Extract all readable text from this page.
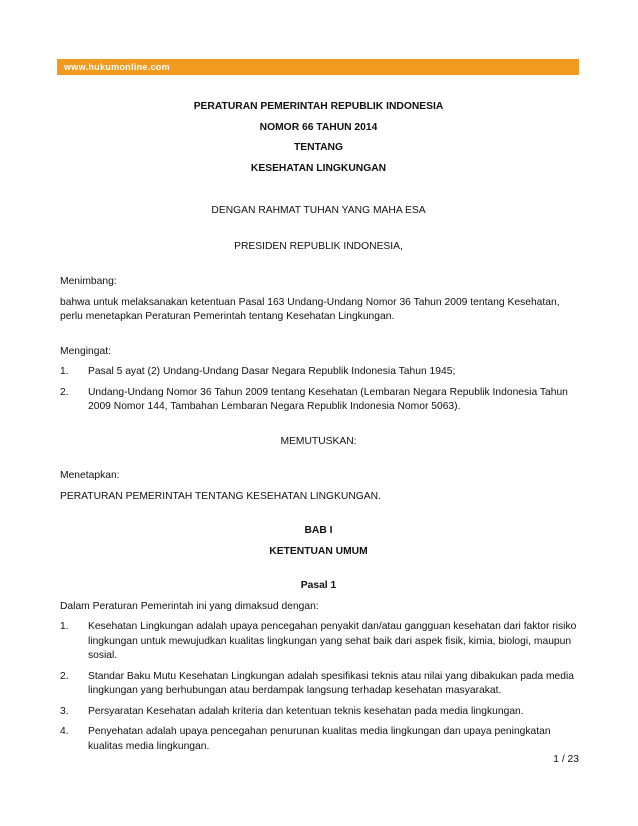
www.hukumonline.com
PERATURAN PEMERINTAH REPUBLIK INDONESIA
NOMOR 66 TAHUN 2014
TENTANG
KESEHATAN LINGKUNGAN
DENGAN RAHMAT TUHAN YANG MAHA ESA
PRESIDEN REPUBLIK INDONESIA,
Menimbang:
bahwa untuk melaksanakan ketentuan Pasal 163 Undang-Undang Nomor 36 Tahun 2009 tentang Kesehatan, perlu menetapkan Peraturan Pemerintah tentang Kesehatan Lingkungan.
Mengingat:
1.	Pasal 5 ayat (2) Undang-Undang Dasar Negara Republik Indonesia Tahun 1945;
2.	Undang-Undang Nomor 36 Tahun 2009 tentang Kesehatan (Lembaran Negara Republik Indonesia Tahun 2009 Nomor 144, Tambahan Lembaran Negara Republik Indonesia Nomor 5063).
MEMUTUSKAN:
Menetapkan:
PERATURAN PEMERINTAH TENTANG KESEHATAN LINGKUNGAN.
BAB I
KETENTUAN UMUM
Pasal 1
Dalam Peraturan Pemerintah ini yang dimaksud dengan:
1.	Kesehatan Lingkungan adalah upaya pencegahan penyakit dan/atau gangguan kesehatan dari faktor risiko lingkungan untuk mewujudkan kualitas lingkungan yang sehat baik dari aspek fisik, kimia, biologi, maupun sosial.
2.	Standar Baku Mutu Kesehatan Lingkungan adalah spesifikasi teknis atau nilai yang dibakukan pada media lingkungan yang berhubungan atau berdampak langsung terhadap kesehatan masyarakat.
3.	Persyaratan Kesehatan adalah kriteria dan ketentuan teknis kesehatan pada media lingkungan.
4.	Penyehatan adalah upaya pencegahan penurunan kualitas media lingkungan dan upaya peningkatan kualitas media lingkungan.
1 / 23
